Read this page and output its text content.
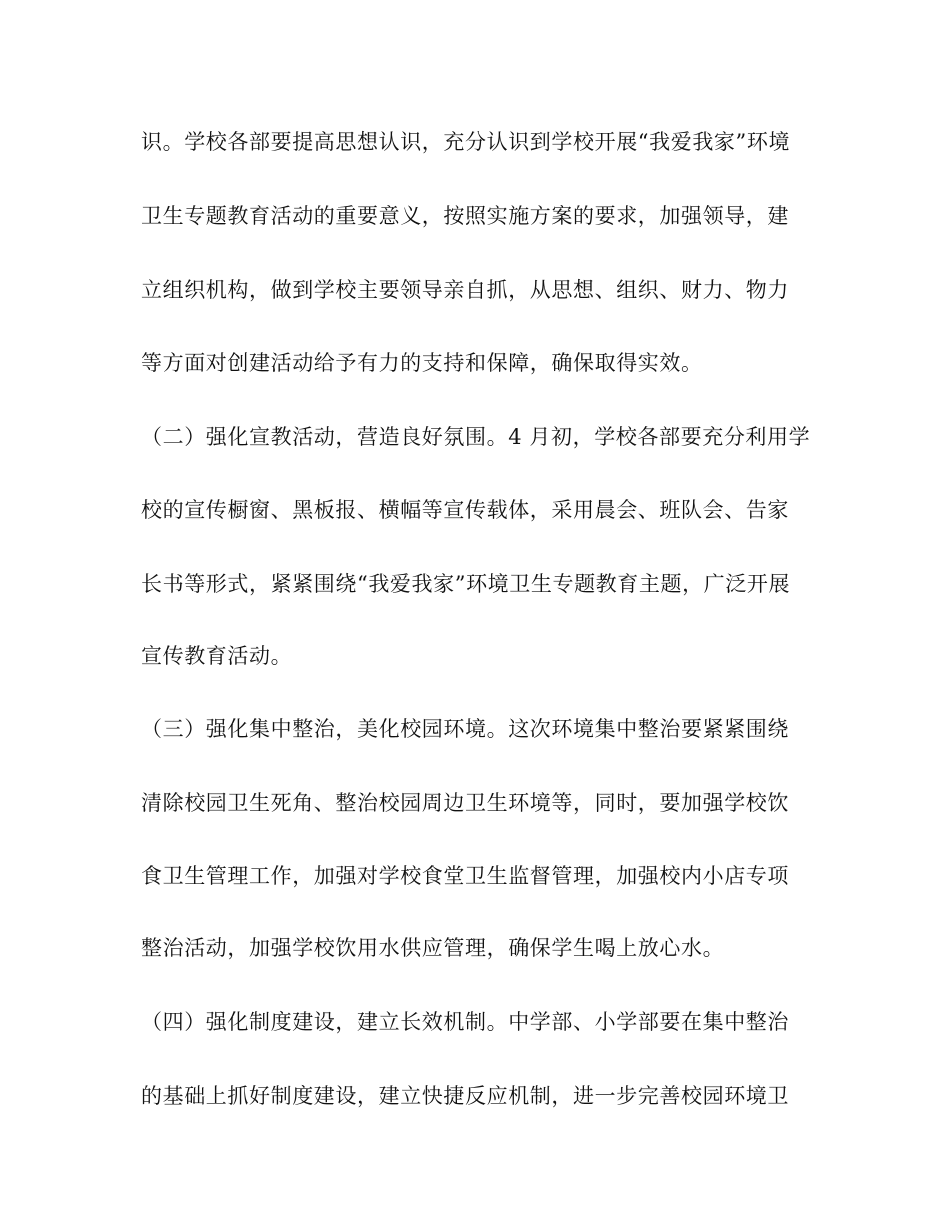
识。学校各部要提高思想认识，充分认识到学校开展“我爱我家”环境
卫生专题教育活动的重要意义，按照实施方案的要求，加强领导，建
立组织机构，做到学校主要领导亲自抓，从思想、组织、财力、物力
等方面对创建活动给予有力的支持和保障，确保取得实效。
（二）强化宣教活动，营造良好氛围。4 月初，学校各部要充分利用学
校的宣传橱窗、黑板报、横幅等宣传载体，采用晨会、班队会、告家
长书等形式，紧紧围绕“我爱我家”环境卫生专题教育主题，广泛开展
宣传教育活动。
（三）强化集中整治，美化校园环境。这次环境集中整治要紧紧围绕
清除校园卫生死角、整治校园周边卫生环境等，同时，要加强学校饮
食卫生管理工作，加强对学校食堂卫生监督管理，加强校内小店专项
整治活动，加强学校饮用水供应管理，确保学生喝上放心水。
（四）强化制度建设，建立长效机制。中学部、小学部要在集中整治
的基础上抓好制度建设，建立快捷反应机制，进一步完善校园环境卫
